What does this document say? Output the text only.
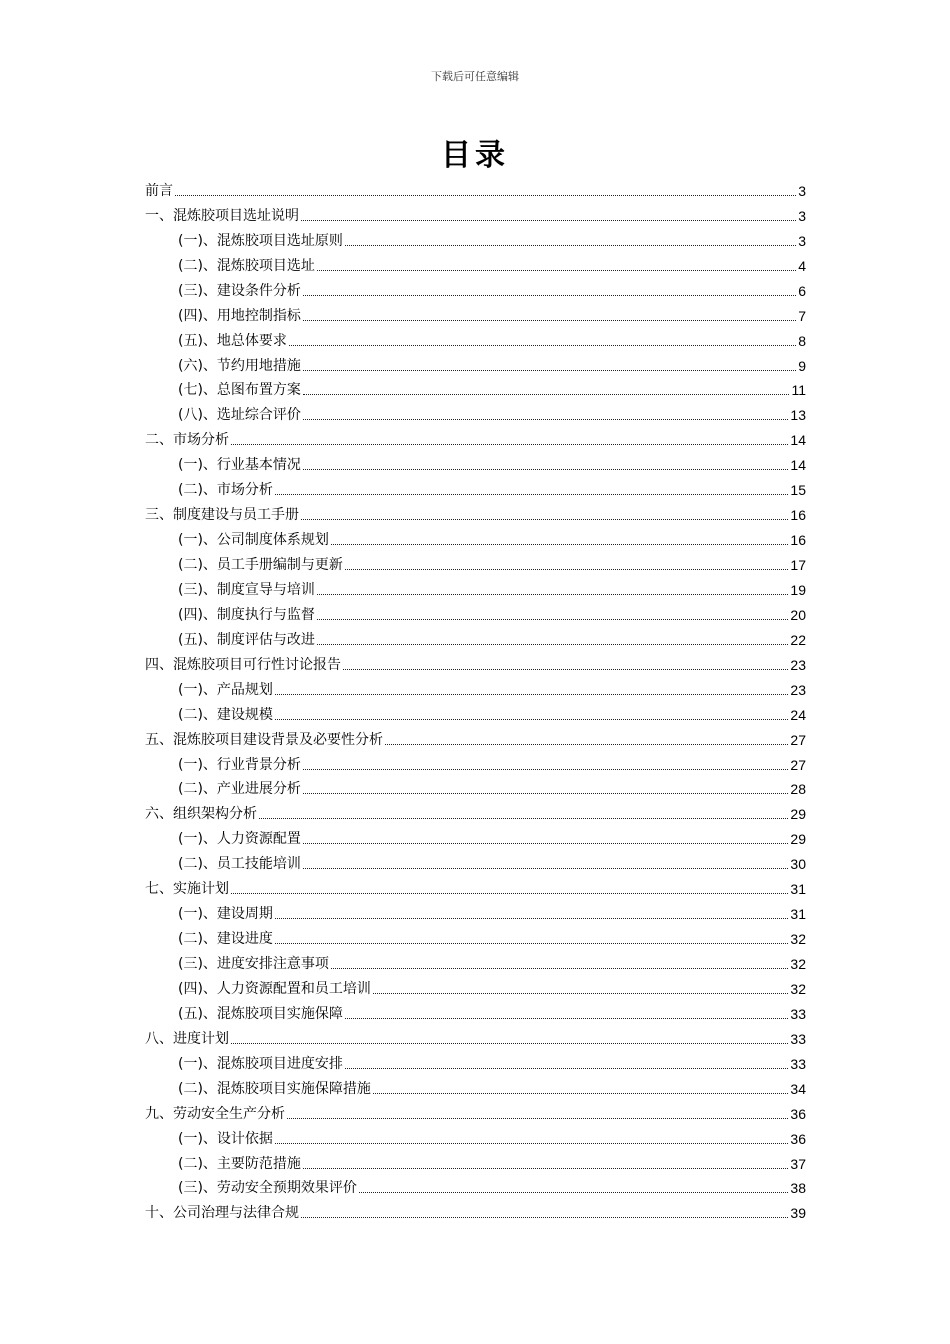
下载后可任意编辑
目录
前言	3
一、混炼胶项目选址说明	3
(一)、混炼胶项目选址原则	3
(二)、混炼胶项目选址	4
(三)、建设条件分析	6
(四)、用地控制指标	7
(五)、地总体要求	8
(六)、节约用地措施	9
(七)、总图布置方案	11
(八)、选址综合评价	13
二、市场分析	14
(一)、行业基本情况	14
(二)、市场分析	15
三、制度建设与员工手册	16
(一)、公司制度体系规划	16
(二)、员工手册编制与更新	17
(三)、制度宣导与培训	19
(四)、制度执行与监督	20
(五)、制度评估与改进	22
四、混炼胶项目可行性讨论报告	23
(一)、产品规划	23
(二)、建设规模	24
五、混炼胶项目建设背景及必要性分析	27
(一)、行业背景分析	27
(二)、产业进展分析	28
六、组织架构分析	29
(一)、人力资源配置	29
(二)、员工技能培训	30
七、实施计划	31
(一)、建设周期	31
(二)、建设进度	32
(三)、进度安排注意事项	32
(四)、人力资源配置和员工培训	32
(五)、混炼胶项目实施保障	33
八、进度计划	33
(一)、混炼胶项目进度安排	33
(二)、混炼胶项目实施保障措施	34
九、劳动安全生产分析	36
(一)、设计依据	36
(二)、主要防范措施	37
(三)、劳动安全预期效果评价	38
十、公司治理与法律合规	39
